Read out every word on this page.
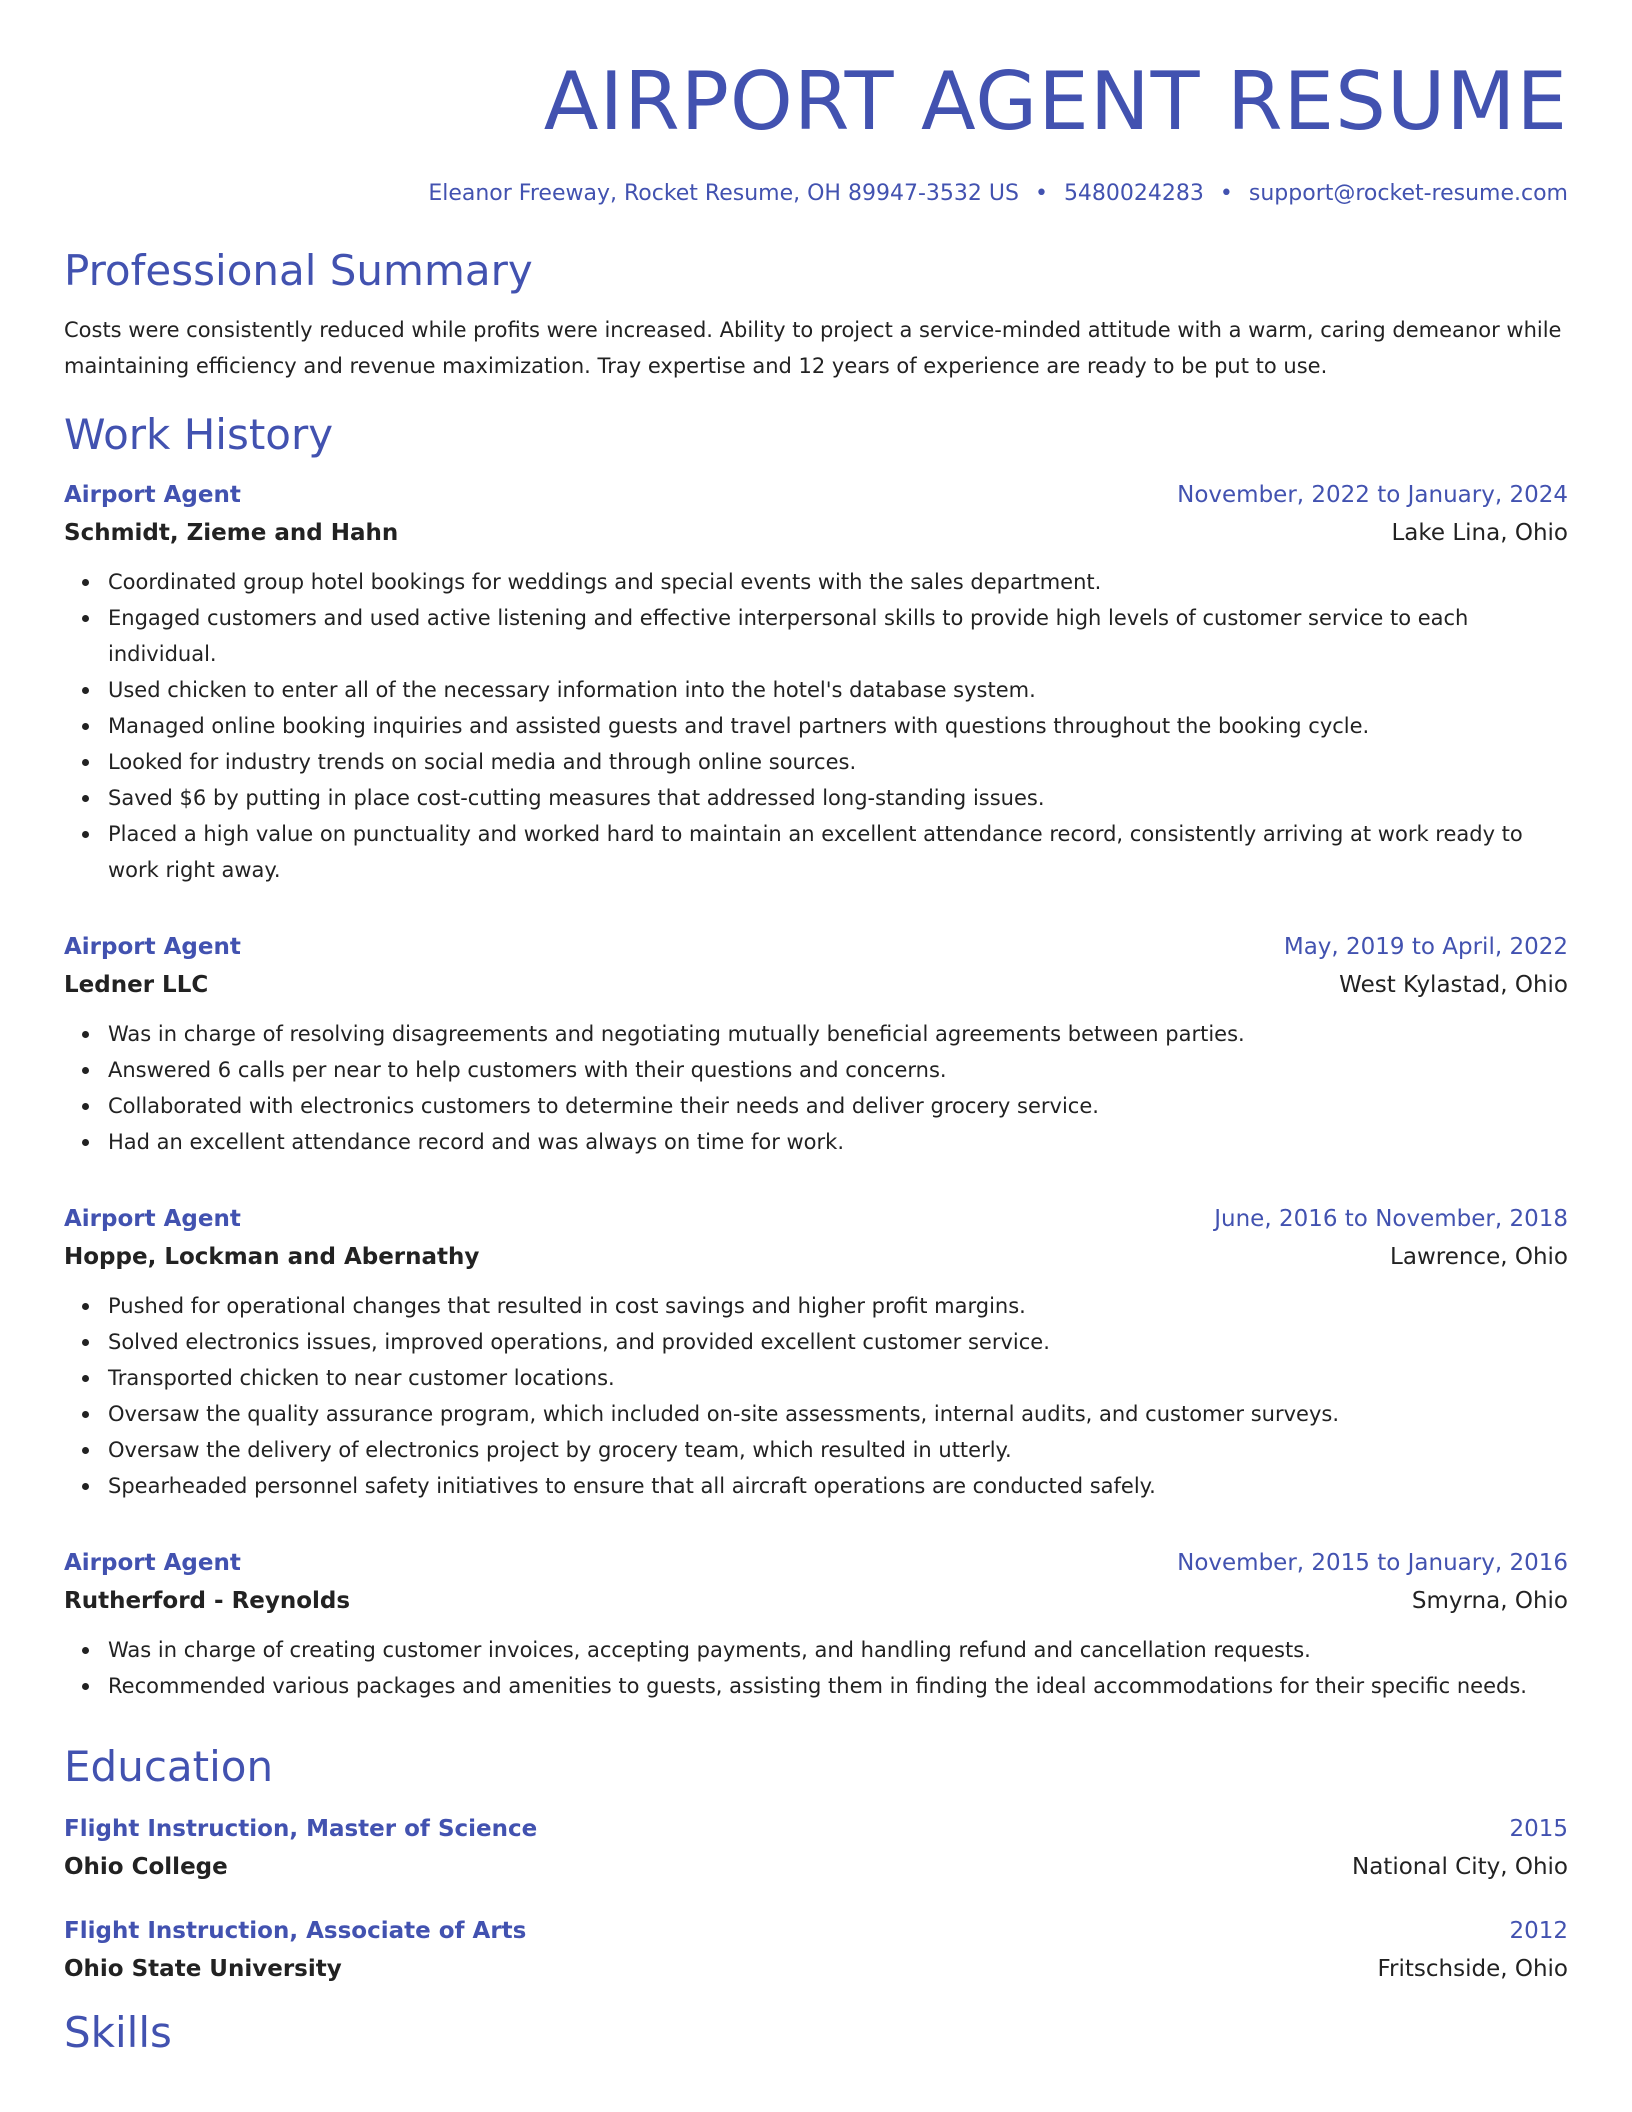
AIRPORT AGENT RESUME
Eleanor Freeway, Rocket Resume, OH 89947-3532 US • 5480024283 • support@rocket-resume.com
Professional Summary
Costs were consistently reduced while profits were increased. Ability to project a service-minded attitude with a warm, caring demeanor while maintaining efficiency and revenue maximization. Tray expertise and 12 years of experience are ready to be put to use.
Work History
Airport Agent	November, 2022 to January, 2024
Schmidt, Zieme and Hahn	Lake Lina, Ohio
Coordinated group hotel bookings for weddings and special events with the sales department.
Engaged customers and used active listening and effective interpersonal skills to provide high levels of customer service to each individual.
Used chicken to enter all of the necessary information into the hotel's database system.
Managed online booking inquiries and assisted guests and travel partners with questions throughout the booking cycle.
Looked for industry trends on social media and through online sources.
Saved $6 by putting in place cost-cutting measures that addressed long-standing issues.
Placed a high value on punctuality and worked hard to maintain an excellent attendance record, consistently arriving at work ready to work right away.
Airport Agent	May, 2019 to April, 2022
Ledner LLC	West Kylastad, Ohio
Was in charge of resolving disagreements and negotiating mutually beneficial agreements between parties.
Answered 6 calls per near to help customers with their questions and concerns.
Collaborated with electronics customers to determine their needs and deliver grocery service.
Had an excellent attendance record and was always on time for work.
Airport Agent	June, 2016 to November, 2018
Hoppe, Lockman and Abernathy	Lawrence, Ohio
Pushed for operational changes that resulted in cost savings and higher profit margins.
Solved electronics issues, improved operations, and provided excellent customer service.
Transported chicken to near customer locations.
Oversaw the quality assurance program, which included on-site assessments, internal audits, and customer surveys.
Oversaw the delivery of electronics project by grocery team, which resulted in utterly.
Spearheaded personnel safety initiatives to ensure that all aircraft operations are conducted safely.
Airport Agent	November, 2015 to January, 2016
Rutherford - Reynolds	Smyrna, Ohio
Was in charge of creating customer invoices, accepting payments, and handling refund and cancellation requests.
Recommended various packages and amenities to guests, assisting them in finding the ideal accommodations for their specific needs.
Education
Flight Instruction, Master of Science	2015
Ohio College	National City, Ohio
Flight Instruction, Associate of Arts	2012
Ohio State University	Fritschside, Ohio
Skills
